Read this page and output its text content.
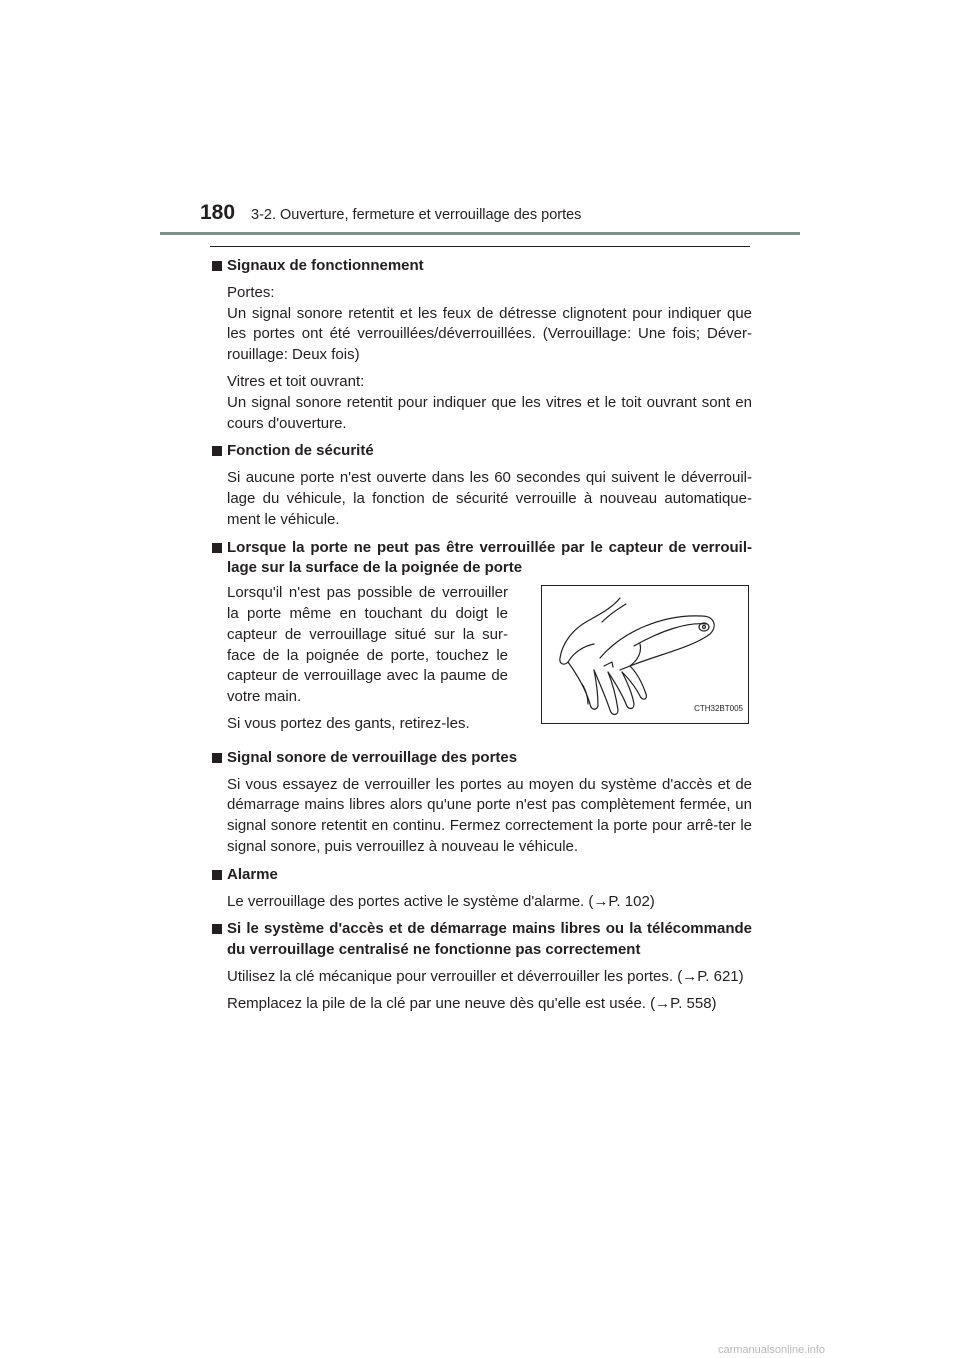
180 3-2. Ouverture, fermeture et verrouillage des portes
Signaux de fonctionnement

Portes:

Un signal sonore retentit et les feux de détresse clignotent pour indiquer que les portes ont été verrouillées/déverrouillées. (Verrouillage: Une fois; Déver-rouillage: Deux fois)

Vitres et toit ouvrant:

Un signal sonore retentit pour indiquer que les vitres et le toit ouvrant sont en cours d'ouverture.

Fonction de sécurité

Si aucune porte n'est ouverte dans les 60 secondes qui suivent le déverrouil-lage du véhicule, la fonction de sécurité verrouille à nouveau automatique-ment le véhicule.

Lorsque la porte ne peut pas être verrouillée par le capteur de verrouil-lage sur la surface de la poignée de porte

Lorsqu'il n'est pas possible de verrouiller la porte même en touchant du doigt le capteur de verrouillage situé sur la sur-face de la poignée de porte, touchez le capteur de verrouillage avec la paume de votre main.

Si vous portez des gants, retirez-les.

CTH32BT005
Signal sonore de verrouillage des portes

Si vous essayez de verrouiller les portes au moyen du système d'accès et de démarrage mains libres alors qu'une porte n'est pas complètement fermée, un signal sonore retentit en continu. Fermez correctement la porte pour arrê-ter le signal sonore, puis verrouillez à nouveau le véhicule.

Alarme

Le verrouillage des portes active le système d'alarme. (→P. 102)

Si le système d'accès et de démarrage mains libres ou la télécommande du verrouillage centralisé ne fonctionne pas correctement

Utilisez la clé mécanique pour verrouiller et déverrouiller les portes. (→P. 621)

Remplacez la pile de la clé par une neuve dès qu'elle est usée. (→P. 558)

carmanualsonline.info
